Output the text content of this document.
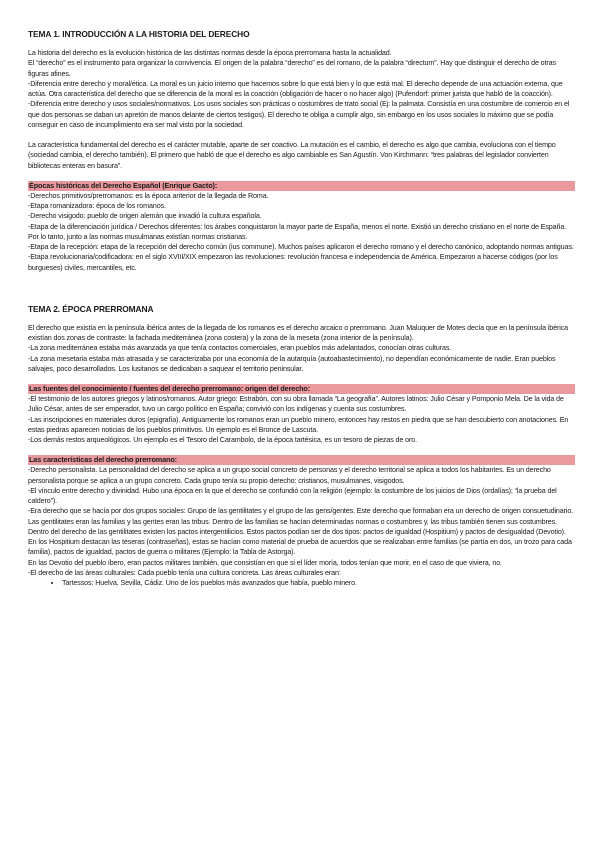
TEMA 1. INTRODUCCIÓN A LA HISTORIA DEL DERECHO

La historia del derecho es la evolución histórica de las distintas normas desde la época prerromana hasta la actualidad.

El “derecho” es el instrumento para organizar la convivencia. El origen de la palabra “derecho” es del romano, de la palabra “directum”. Hay que distinguir el derecho de otras figuras afines.

-Diferencia entre derecho y moral/ética. La moral es un juicio interno que hacemos sobre lo que está bien y lo que está mal. El derecho depende de una actuación externa, que actúa. Otra característica del derecho que se diferencia de la moral es la coacción (obligación de hacer o no hacer algo) (Pufendorf: primer jurista que habló de la coacción).

-Diferencia entre derecho y usos sociales/normativos. Los usos sociales son prácticas o costumbres de trato social (Ej: la palmata. Consistía en una costumbre de comercio en el que dos personas se daban un apretón de manos delante de ciertos testigos). El derecho te obliga a cumplir algo, sin embargo en los usos sociales lo máximo que se podía conseguir en caso de incumplimiento era ser mal visto por la sociedad.

La característica fundamental del derecho es el carácter mutable, aparte de ser coactivo. La mutación es el cambio, el derecho es algo que cambia, evoluciona con el tiempo (sociedad cambia, el derecho también). El primero que habló de que el derecho es algo cambiable es San Agustín. Von Kirchmann: “tres palabras del legislador convierten bibliotecas enteras en basura”.

Épocas históricas del Derecho Español (Enrique Gacto):

-Derechos primitivos/prerromanos: es la época anterior de la llegada de Roma.

-Etapa romanizadora: época de los romanos.

-Derecho visigodo: pueblo de origen alemán que invadió la cultura española.

-Etapa de la diferenciación jurídica / Derechos diferentes: los árabes conquistaron la mayor parte de España, menos el norte. Existió un derecho cristiano en el norte de España. Por lo tanto, junto a las normas musulmanas existían normas cristianas.

-Etapa de la recepción: etapa de la recepción del derecho común (ius commune). Muchos países aplicaron el derecho romano y el derecho canónico, adoptando normas antiguas.

-Etapa revolucionaria/codificadora: en el siglo XVIII/XIX empezaron las revoluciones: revolución francesa e independencia de América. Empezaron a hacerse códigos (por los burgueses) civiles, mercantiles, etc.

TEMA 2. ÉPOCA PRERROMANA

El derecho que existía en la península ibérica antes de la llegada de los romanos es el derecho arcaico o prerromano. Juan Maluquer de Motes decía que en la península ibérica existían dos zonas de contraste: la fachada mediterránea (zona costera) y la zona de la meseta (zona interior de la península).

-La zona mediterránea estaba más avanzada ya que tenía contactos comerciales, eran pueblos más adelantados, conocían otras culturas.

-La zona mesetaria estaba más atrasada y se caracterizaba por una economía de la autarquía (autoabastecimiento), no dependían económicamente de nadie. Eran pueblos salvajes, poco desarrollados. Los lusitanos se dedicaban a saquear el territorio peninsular.

Las fuentes del conocimiento / fuentes del derecho prerromano: origen del derecho:

-El testimonio de los autores griegos y latinos/romanos. Autor griego: Estrabón, con su obra llamada “La geografía”. Autores latinos: Julio César y Pomponio Mela. De la vida de Julio César, antes de ser emperador, tuvo un cargo político en España; convivió con los indígenas y cuenta sus costumbres.

-Las inscripciones en materiales duros (epigrafía). Antiguamente los romanos eran un pueblo minero, entonces hay restos en piedra que se han descubierto con anotaciones. En estas piedras aparecen noticias de los pueblos primitivos. Un ejemplo es el Bronce de Lascuta.

-Los demás restos arqueológicos. Un ejemplo es el Tesoro del Carambolo, de la época tartésica, es un tesoro de piezas de oro.

Las características del derecho prerromano:

-Derecho personalista. La personalidad del derecho se aplica a un grupo social concreto de personas y el derecho territorial se aplica a todos los habitantes. Es un derecho personalista porque se aplica a un grupo concreto. Cada grupo tenía su propio derecho: cristianos, musulmanes, visigodos.

-El vínculo entre derecho y divinidad. Hubo una época en la que el derecho se confundió con la religión (ejemplo: la costumbre de los juicios de Dios (ordalías); “la prueba del caldero”).

-Era derecho que se hacía por dos grupos sociales: Grupo de las gentilitates y el grupo de las gens/gentes. Este derecho que formaban era un derecho de origen consuetudinario. Las gentilitates eran las familias y las gentes eran las tribus. Dentro de las familias se hacían determinadas normas o costumbres y, las tribus también tienen sus costumbres. Dentro del derecho de las gentilitates existen los pactos intergentilicios. Estos pactos podían ser de dos tipos: pactos de igualdad (Hospitium) y pactos de desigualdad (Devotio).

En los Hospitium destacan las téseras (contraseñas), estas se hacían como material de prueba de acuerdos que se realizaban entre familias (se partía en dos, un trozo para cada familia), pactos de igualdad, pactos de guerra o militares (Ejemplo: la Tabla de Astorga).

En las Devotio del pueblo íbero, eran pactos militares también, que consistían en que si el líder moría, todos tenían que morir, en el caso de que viviera, no.

-El derecho de las áreas culturales: Cada pueblo tenía una cultura concreta. Las áreas culturales eran:

• Tartessos: Huelva, Sevilla, Cádiz. Uno de los pueblos más avanzados que había, pueblo minero.
